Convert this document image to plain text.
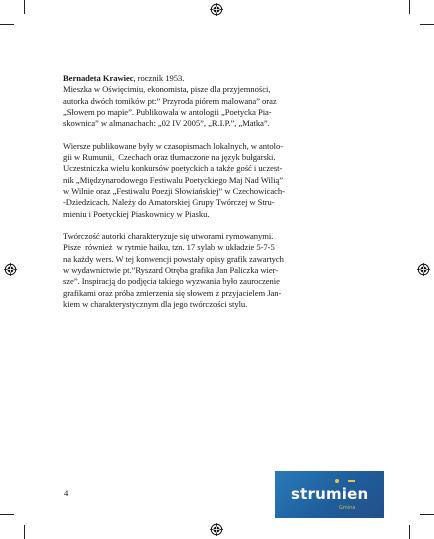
Bernadeta Krawiec, rocznik 1953.
Mieszka w Oświęcimiu, ekonomista, pisze dla przyjemności,
autorka dwóch tomików pt:” Przyroda piórem malowana” oraz
„Słowem po mapie”. Publikowała w antologii „Poetycka Pia-
skownica” w almanachach: „02 IV 2005”, „R.I.P.”, „Matka”.
Wiersze publikowane były w czasopismach lokalnych, w antolo-
gii w Rumunii,  Czechach oraz tłumaczone na język bułgarski.
Uczestniczka wielu konkursów poetyckich a także gość i uczest-
nik „Międzynarodowego Festiwalu Poetyckiego Maj Nad Wilią”
w Wilnie oraz „Festiwalu Poezji Słowiańskiej” w Czechowicach-
-Dziedzicach. Należy do Amatorskiej Grupy Twórczej w Stru-
mieniu i Poetyckiej Piaskownicy w Piasku.
Twórczość autorki charakteryzuje się utworami rymowanymi.
Pisze  również  w rytmie haiku, tzn. 17 sylab w układzie 5-7-5
na każdy wers. W tej konwencji powstały opisy grafik zawartych
w wydawnictwie pt.”Ryszard Otręba grafika Jan Paliczka wier-
sze”. Inspiracją do podjęcia takiego wyzwania było zauroczenie
grafikami oraz próba zmierzenia się słowem z przyjacielem Jan-
kiem w charakterystycznym dla jego twórczości stylu.
4	strumien
Gmina
